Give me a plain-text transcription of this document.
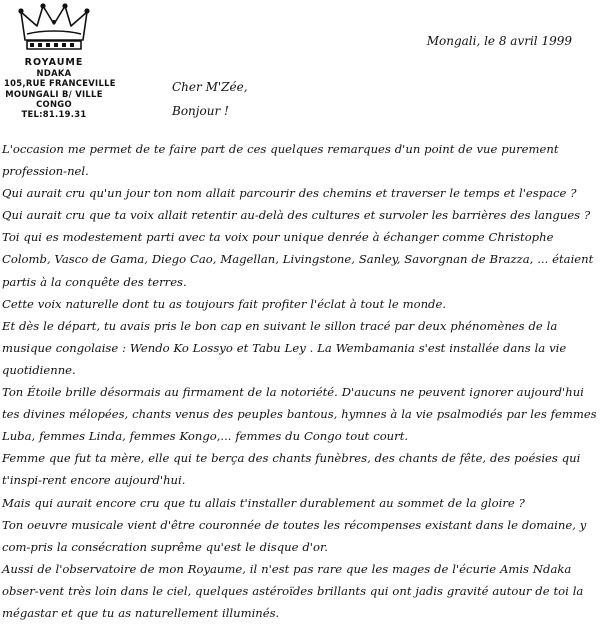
ROYAUME
NDAKA
105,RUE FRANCEVILLE
MOUNGALI B/ VILLE
CONGO
TEL:81.19.31
Mongali, le 8 avril 1999
Cher M'Zée,
Bonjour !

L'occasion me permet de te faire part de ces quelques remarques d'un point de vue purement profession-nel.

Qui aurait cru qu'un jour ton nom allait parcourir des chemins et traverser le temps et l'espace ?

Qui aurait cru que ta voix allait retentir au-delà des cultures et survoler les barrières des langues ?

Toi qui es modestement parti avec ta voix pour unique denrée à échanger comme Christophe Colomb, Vasco de Gama, Diego Cao, Magellan, Livingstone, Sanley, Savorgnan de Brazza, ... étaient partis à la conquête des terres.

Cette voix naturelle dont tu as toujours fait profiter l'éclat à tout le monde.

Et dès le départ, tu avais pris le bon cap en suivant le sillon tracé par deux phénomènes de la musique congolaise : Wendo Ko Lossyo et Tabu Ley . La Wembamania s'est installée dans la vie quotidienne.

Ton Étoile brille désormais au firmament de la notoriété. D'aucuns ne peuvent ignorer aujourd'hui tes divines mélopées, chants venus des peuples bantous, hymnes à la vie psalmodiés par les femmes Luba, femmes Linda, femmes Kongo,... femmes du Congo tout court.

Femme que fut ta mère, elle qui te berça des chants funèbres, des chants de fête, des poésies qui t'inspi-rent encore aujourd'hui.

Mais qui aurait encore cru que tu allais t'installer durablement au sommet de la gloire ?

Ton oeuvre musicale vient d'être couronnée de toutes les récompenses existant dans le domaine, y com-pris la consécration suprême qu'est le disque d'or.

Aussi de l'observatoire de mon Royaume, il n'est pas rare que les mages de l'écurie Amis Ndaka obser-vent très loin dans le ciel, quelques astéroïdes brillants qui ont jadis gravité autour de toi la mégastar et que tu as naturellement illuminés.
